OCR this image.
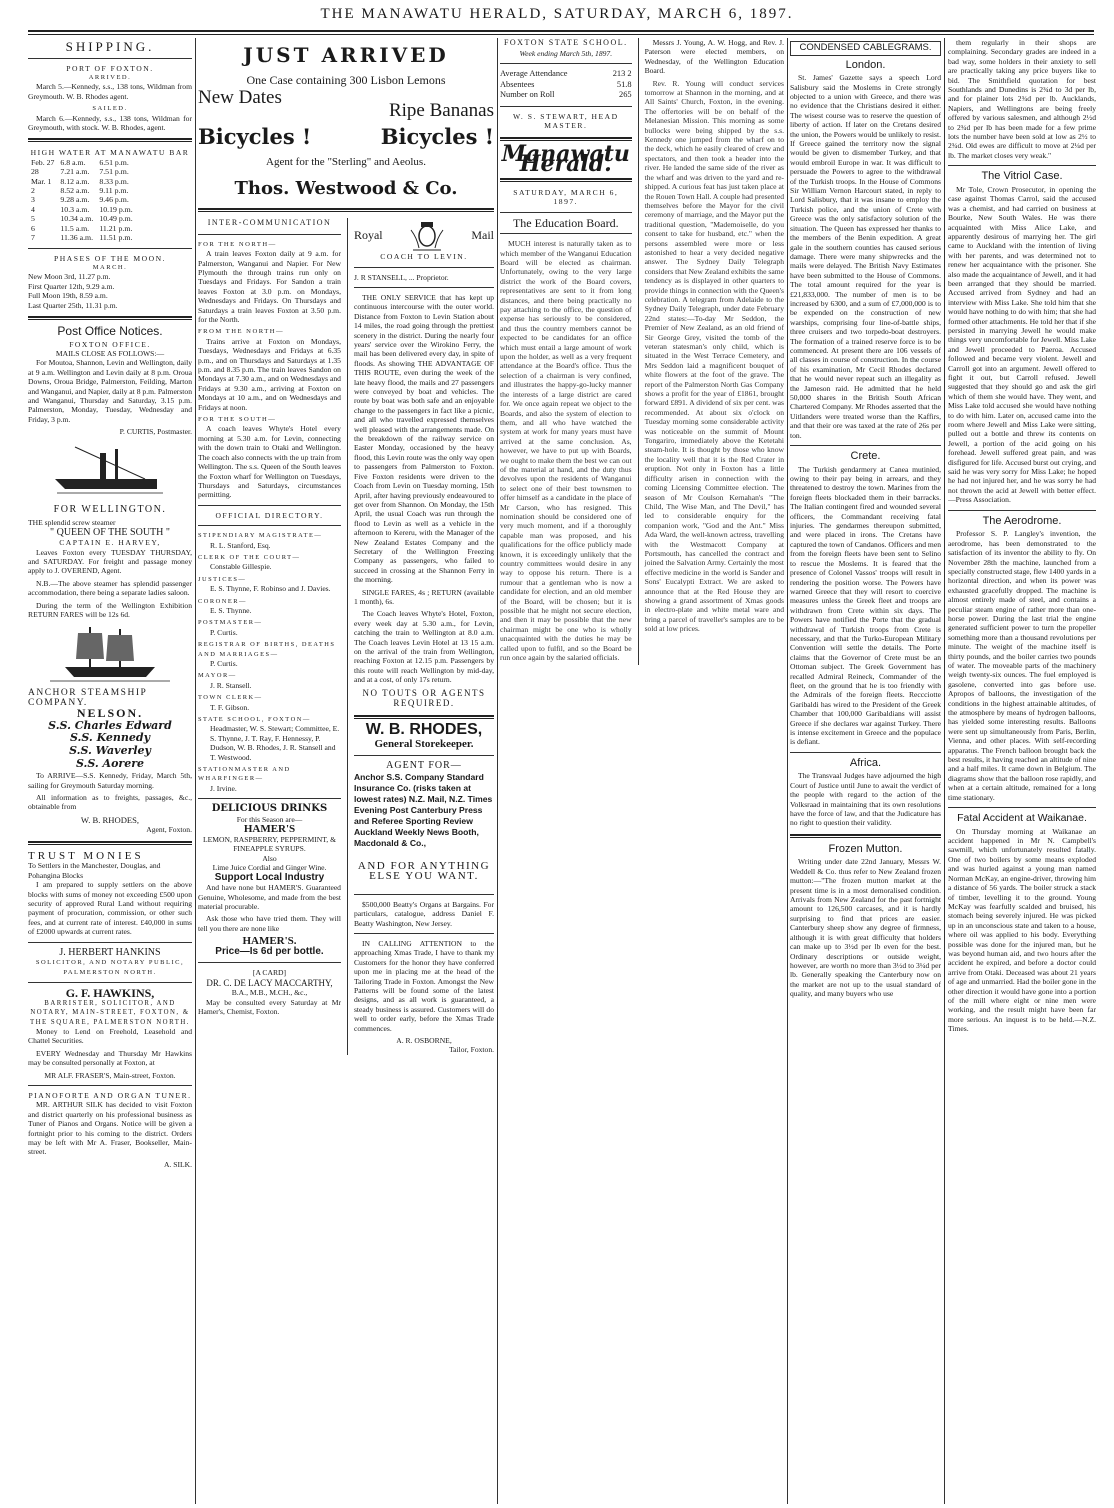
THE MANAWATU HERALD, SATURDAY, MARCH 6, 1897.
SHIPPING.
PORT OF FOXTON.
ARRIVED.

March 5.—Kennedy, s.s., 138 tons, Wildman from Greymouth. W. B. Rhodes agent.

SAILED.

March 6.—Kennedy, s.s., 138 tons, Wildman for Greymouth, with stock. W. B. Rhodes, agent.

HIGH WATER AT MANAWATU BAR
Feb. 27	6.8 a.m.	6.51 p.m.
28	7.21 a.m.	7.51 p.m.
Mar. 1	8.12 a.m.	8.33 p.m.
2	8.52 a.m.	9.11 p.m.
3	9.28 a.m.	9.46 p.m.
4	10.3 a.m.	10.19 p.m.
5	10.34 a.m.	10.49 p.m.
6	11.5 a.m.	11.21 p.m.
7	11.36 a.m.	11.51 p.m.
PHASES OF THE MOON.
MARCH.
New Moon 3rd, 11.27 p.m.
First Quarter 12th, 9.29 a.m.
Full Moon 19th, 8.59 a.m.
Last Quarter 25th, 11.31 p.m.
Post Office Notices.
FOXTON OFFICE.
MAILS CLOSE AS FOLLOWS:—

For Moutoa, Shannon, Levin and Wellington, daily at 9 a.m. Wellington and Levin daily at 8 p.m. Oroua Downs, Oroua Bridge, Palmerston, Feilding, Marton and Wanganui, and Napier, daily at 8 p.m. Palmerston and Wanganui, Thursday and Saturday, 3.15 p.m. Palmerston, Monday, Tuesday, Wednesday and Friday, 3 p.m.

P. CURTIS, Postmaster.
FOR WELLINGTON.
THE splendid screw steamer
" QUEEN OF THE SOUTH "
CAPTAIN E. HARVEY,

Leaves Foxton every TUESDAY THURSDAY, and SATURDAY. For freight and passage money apply to J. OVEREND, Agent.

N.B.—The above steamer has splendid passenger accommodation, there being a separate ladies saloon.

During the term of the Wellington Exhibition RETURN FARES will be 12s 6d.

ANCHOR STEAMSHIP COMPANY.
NELSON.
S.S. Charles Edward
S.S. Kennedy
S.S. Waverley
S.S. Aorere

To ARRIVE—S.S. Kennedy, Friday, March 5th, sailing for Greymouth Saturday morning.

All information as to freights, passages, &c., obtainable from

W. B. RHODES,
Agent, Foxton.
TRUST MONIES
To Settlers in the Manchester, Douglas, and Pohangina Blocks

I am prepared to supply settlers on the above blocks with sums of money not exceeding £500 upon security of approved Rural Land without requiring payment of procuration, commission, or other such fees, and at current rate of interest. £40,000 in sums of £2000 upwards at current rates.

J. HERBERT HANKINS
SOLICITOR, AND NOTARY PUBLIC, PALMERSTON NORTH.
G. F. HAWKINS,
BARRISTER, SOLICITOR, AND NOTARY, MAIN-STREET, FOXTON, & THE SQUARE, PALMERSTON NORTH.

Money to Lend on Freehold, Leasehold and Chattel Securities.

EVERY Wednesday and Thursday Mr Hawkins may be consulted personally at Foxton, at

MR ALF. FRASER'S, Main-street, Foxton.
PIANOFORTE AND ORGAN TUNER.

MR. ARTHUR SILK has decided to visit Foxton and district quarterly on his professional business as Tuner of Pianos and Organs. Notice will be given a fortnight prior to his coming to the district. Orders may be left with Mr A. Fraser, Bookseller, Main-street.

A. SILK.
JUST ARRIVED
One Case containing 300 Lisbon Lemons
New Dates
Ripe Bananas
Bicycles !	Bicycles !
Agent for the "Sterling" and Aeolus.
Thos. Westwood & Co.
INTER-COMMUNICATION
FOR THE NORTH—

A train leaves Foxton daily at 9 a.m. for Palmerston, Wanganui and Napier. For New Plymouth the through trains run only on Tuesdays and Fridays. For Sandon a train leaves Foxton at 3.0 p.m. on Mondays, Wednesdays and Fridays. On Thursdays and Saturdays a train leaves Foxton at 3.50 p.m. for the North.

FROM THE NORTH—

Trains arrive at Foxton on Mondays, Tuesdays, Wednesdays and Fridays at 6.35 p.m., and on Thursdays and Saturdays at 1.35 p.m. and 8.35 p.m. The train leaves Sandon on Mondays at 7.30 a.m., and on Wednesdays and Fridays at 9.30 a.m., arriving at Foxton on Mondays at 10 a.m., and on Wednesdays and Fridays at noon.

FOR THE SOUTH—

A coach leaves Whyte's Hotel every morning at 5.30 a.m. for Levin, connecting with the down train to Otaki and Wellington. The coach also connects with the up train from Wellington. The s.s. Queen of the South leaves the Foxton wharf for Wellington on Tuesdays, Thursdays and Saturdays, circumstances permitting.

OFFICIAL DIRECTORY.
STIPENDIARY MAGISTRATE—
R. L. Stanford, Esq.
CLERK OF THE COURT—
Constable Gillespie.
JUSTICES—
E. S. Thynne, F. Robinso and J. Davies.
CORONER—
E. S. Thynne.
POSTMASTER—
P. Curtis.
REGISTRAR OF BIRTHS, DEATHS AND MARRIAGES—
P. Curtis.
MAYOR—
J. R. Stansell.
TOWN CLERK—
T. F. Gibson.
STATE SCHOOL, FOXTON—
Headmaster, W. S. Stewart; Committee, E. S. Thynne, J. T. Ray, F. Hennessy, P. Dudson, W. B. Rhodes, J. R. Stansell and T. Westwood.
STATIONMASTER AND WHARFINGER—
J. Irvine.
DELICIOUS DRINKS
For this Season are—
HAMER'S
LEMON, RASPBERRY, PEPPERMINT, & FINEAPPLE SYRUPS.
Also
Lime Juice Cordial and Ginger Wine.
Support Local Industry

And have none but HAMER'S. Guaranteed Genuine, Wholesome, and made from the best material procurable.

Ask those who have tried them. They will tell you there are none like

HAMER'S.
Price—Is 6d per bottle.
[A CARD]
DR. C. DE LACY MACCARTHY,
B.A., M.B., M.CH., &c.,

May be consulted every Saturday at Mr Hamer's, Chemist, Foxton.

Royal	Mail
COACH TO LEVIN.
J. R STANSELL, ... Proprietor.

THE ONLY SERVICE that has kept up continuous intercourse with the outer world. Distance from Foxton to Levin Station about 14 miles, the road going through the prettiest scenery in the district. During the nearly four years' service over the Wirokino Ferry, the mail has been delivered every day, in spite of floods. As showing THE ADVANTAGE OF THIS ROUTE, even during the week of the late heavy flood, the mails and 27 passengers were conveyed by boat and vehicles. The route by boat was both safe and an enjoyable change to the passengers in fact like a picnic, and all who travelled expressed themselves well pleased with the arrangements made. On the breakdown of the railway service on Easter Monday, occasioned by the heavy flood, this Levin route was the only way open to passengers from Palmerston to Foxton. Five Foxton residents were driven to the Coach from Levin on Tuesday morning, 15th April, after having previously endeavoured to get over from Shannon. On Monday, the 15th April, the usual Coach was run through the flood to Levin as well as a vehicle in the afternoon to Kereru, with the Manager of the New Zealand Estates Company and the Secretary of the Wellington Freezing Company as passengers, who failed to succeed in crossing at the Shannon Ferry in the morning.

SINGLE FARES, 4s ; RETURN (available 1 month), 6s.

The Coach leaves Whyte's Hotel, Foxton, every week day at 5.30 a.m., for Levin, catching the train to Wellington at 8.0 a.m. The Coach leaves Levin Hotel at 13 15 a.m. on the arrival of the train from Wellington, reaching Foxton at 12.15 p.m. Passengers by this route will reach Wellington by mid-day, and at a cost, of only 17s return.

NO TOUTS OR AGENTS REQUIRED.
W. B. RHODES,
General Storekeeper.
AGENT FOR—
Anchor S.S. Company Standard Insurance Co. (risks taken at lowest rates) N.Z. Mail, N.Z. Times Evening Post Canterbury Press and Referee Sporting Review Auckland Weekly News Booth, Macdonald & Co.,
AND FOR ANYTHING ELSE YOU WANT.

$500,000 Beatty's Organs at Bargains. For particulars, catalogue, address Daniel F. Beatty Washington, New Jersey.

IN CALLING ATTENTION to the approaching Xmas Trade, I have to thank my Customers for the honor they have conferred upon me in placing me at the head of the Tailoring Trade in Foxton. Amongst the New Patterns will be found some of the latest designs, and as all work is guaranteed, a steady business is assured. Customers will do well to order early, before the Xmas Trade commences.

A. R. OSBORNE,
Tailor, Foxton.
FOXTON STATE SCHOOL.
Week ending March 5th, 1897.
Average Attendance	213 2
Absentees	51.8
Number on Roll	265
W. S. STEWART, HEAD MASTER.
Manawatu Herald.
SATURDAY, MARCH 6, 1897.
The Education Board.

MUCH interest is naturally taken as to which member of the Wanganui Education Board will be elected as chairman. Unfortunately, owing to the very large district the work of the Board covers, representatives are sent to it from long distances, and there being practically no pay attaching to the office, the question of expense has seriously to be considered, and thus the country members cannot be expected to be candidates for an office which must entail a large amount of work upon the holder, as well as a very frequent attendance at the Board's office. Thus the selection of a chairman is very confined, and illustrates the happy-go-lucky manner the interests of a large district are cared for. We once again repeat we object to the Boards, and also the system of election to them, and all who have watched the system at work for many years must have arrived at the same conclusion. As, however, we have to put up with Boards, we ought to make them the best we can out of the material at hand, and the duty thus devolves upon the residents of Wanganui to select one of their best townsmen to offer himself as a candidate in the place of Mr Carson, who has resigned. This nomination should be considered one of very much moment, and if a thoroughly capable man was proposed, and his qualifications for the office publicly made known, it is exceedingly unlikely that the country committees would desire in any way to oppose his return. There is a rumour that a gentleman who is now a candidate for election, and an old member of the Board, will be chosen; but it is possible that he might not secure election, and then it may be possible that the new chairman might be one who is wholly unacquainted with the duties he may be called upon to fulfil, and so the Board be run once again by the salaried officials.

Messrs J. Young, A. W. Hogg, and Rev. J. Paterson were elected members, on Wednesday, of the Wellington Education Board.

Rev. R. Young will conduct services tomorrow at Shannon in the morning, and at All Saints' Church, Foxton, in the evening. The offertories will be on behalf of the Melanesian Mission. This morning as some bullocks were being shipped by the s.s. Kennedy one jumped from the wharf on to the deck, which he easily cleared of crew and spectators, and then took a header into the river. He landed the same side of the river as the wharf and was driven to the yard and re-shipped. A curious feat has just taken place at the Rouen Town Hall. A couple had presented themselves before the Mayor for the civil ceremony of marriage, and the Mayor put the traditional question, "Mademoiselle, do you consent to take for husband, etc." when the persons assembled were more or less astonished to hear a very decided negative answer. The Sydney Daily Telegraph considers that New Zealand exhibits the same tendency as is displayed in other quarters to provide things in connection with the Queen's celebration. A telegram from Adelaide to the Sydney Daily Telegraph, under date February 22nd states:—To-day Mr Seddon, the Premier of New Zealand, as an old friend of Sir George Grey, visited the tomb of the veteran statesman's only child, which is situated in the West Terrace Cemetery, and Mrs Seddon laid a magnificent bouquet of white flowers at the foot of the grave. The report of the Palmerston North Gas Company shows a profit for the year of £1861, brought forward £891. A dividend of six per cent. was recommended. At about six o'clock on Tuesday morning some considerable activity was noticeable on the summit of Mount Tongariro, immediately above the Ketetahi steam-hole. It is thought by those who know the locality well that it is the Red Crater in eruption. Not only in Foxton has a little difficulty arisen in connection with the coming Licensing Committee election. The season of Mr Coulson Kernahan's "The Child, The Wise Man, and The Devil," has led to considerable enquiry for the companion work, "God and the Ant." Miss Ada Ward, the well-known actress, travelling with the Westmacott Company at Portsmouth, has cancelled the contract and joined the Salvation Army. Certainly the most effective medicine in the world is Sander and Sons' Eucalypti Extract. We are asked to announce that at the Red House they are showing a grand assortment of Xmas goods in electro-plate and white metal ware and bring a parcel of traveller's samples are to be sold at low prices.

CONDENSED CABLEGRAMS.
London.

St. James' Gazette says a speech Lord Salisbury said the Moslems in Crete strongly objected to a union with Greece, and there was no evidence that the Christians desired it either. The wisest course was to reserve the question of liberty of action. If later on the Cretans desired the union, the Powers would be unlikely to resist. If Greece gained the territory now the signal would be given to dismember Turkey, and that would embroil Europe in war. It was difficult to persuade the Powers to agree to the withdrawal of the Turkish troops. In the House of Commons Sir William Vernon Harcourt stated, in reply to Lord Salisbury, that it was insane to employ the Turkish police, and the union of Crete with Greece was the only satisfactory solution of the situation. The Queen has expressed her thanks to the members of the Benin expedition. A great gale in the southern counties has caused serious damage. There were many shipwrecks and the mails were delayed. The British Navy Estimates have been submitted to the House of Commons. The total amount required for the year is £21,833,000. The number of men is to be increased by 6300, and a sum of £7,000,000 is to be expended on the construction of new warships, comprising four line-of-battle ships, three cruisers and two torpedo-boat destroyers. The formation of a trained reserve force is to be commenced. At present there are 106 vessels of all classes in course of construction. In the course of his examination, Mr Cecil Rhodes declared that he would never repeat such an illegality as the Jameson raid. He admitted that he held 50,000 shares in the British South African Chartered Company. Mr Rhodes asserted that the Uitlanders were treated worse than the Kaffirs, and that their ore was taxed at the rate of 26s per ton.

Crete.

The Turkish gendarmery at Canea mutinied, owing to their pay being in arrears, and they threatened to destroy the town. Marines from the foreign fleets blockaded them in their barracks. The Italian contingent fired and wounded several officers, the Commandant receiving fatal injuries. The gendarmes thereupon submitted, and were placed in irons. The Cretans have captured the town of Candanos. Officers and men from the foreign fleets have been sent to Selino to rescue the Moslems. It is feared that the presence of Colonel Vassos' troops will result in rendering the position worse. The Powers have warned Greece that they will resort to coercive measures unless the Greek fleet and troops are withdrawn from Crete within six days. The Powers have notified the Porte that the gradual withdrawal of Turkish troops from Crete is necessary, and that the Turko-European Military Convention will settle the details. The Porte claims that the Governor of Crete must be an Ottoman subject. The Greek Government has recalled Admiral Reineck, Commander of the fleet, on the ground that he is too friendly with the Admirals of the foreign fleets. Reccciotte Garibaldi has wired to the President of the Greek Chamber that 100,000 Garibaldians will assist Greece if she declares war against Turkey. There is intense excitement in Greece and the populace is defiant.

Africa.

The Transvaal Judges have adjourned the high Court of Justice until June to await the verdict of the people with regard to the action of the Volksraad in maintaining that its own resolutions have the force of law, and that the Judicature has no right to question their validity.

Frozen Mutton.

Writing under date 22nd January, Messrs W. Weddell & Co. thus refer to New Zealand frozen mutton:—"The frozen mutton market at the present time is in a most demoralised condition. Arrivals from New Zealand for the past fortnight amount to 126,500 carcases, and it is hardly surprising to find that prices are easier. Canterbury sheep show any degree of firmness, although it is with great difficulty that holders can make up to 3½d per lb even for the best. Ordinary descriptions or outside weight, however, are worth no more than 3½d to 3¼d per lb. Generally speaking the Canterbury now on the market are not up to the usual standard of quality, and many buyers who use

them regularly in their shops are complaining. Secondary grades are indeed in a bad way, some holders in their anxiety to sell are practically taking any price buyers like to bid. The Smithfield quotation for best Southlands and Dunedins is 2¾d to 3d per lb, and for plainer lots 2¾d per lb. Aucklands, Napiers, and Wellingtons are being freely offered by various salesmen, and although 2½d to 2¾d per lb has been made for a few prime lots the number have been sold at low as 2½ to 2¾d. Old ewes are difficult to move at 2¼d per lb. The market closes very weak."

The Vitriol Case.

Mr Tole, Crown Prosecutor, in opening the case against Thomas Carrol, said the accused was a chemist, and had carried on business at Bourke, New South Wales. He was there acquainted with Miss Alice Lake, and apparently desirous of marrying her. The girl came to Auckland with the intention of living with her parents, and was determined not to renew her acquaintance with the prisoner. She also made the acquaintance of Jewell, and it had been arranged that they should be married. Accused arrived from Sydney and had an interview with Miss Lake. She told him that she would have nothing to do with him; that she had formed other attachments. He told her that if she persisted in marrying Jewell he would make things very uncomfortable for Jewell. Miss Lake and Jewell proceeded to Paeroa. Accused followed and became very violent. Jewell and Carroll got into an argument. Jewell offered to fight it out, but Carroll refused. Jewell suggested that they should go and ask the girl which of them she would have. They went, and Miss Lake told accused she would have nothing to do with him. Later on, accused came into the room where Jewell and Miss Lake were sitting, pulled out a bottle and threw its contents on Jewell, a portion of the acid going on his forehead. Jewell suffered great pain, and was disfigured for life. Accused burst out crying, and said he was very sorry for Miss Lake; he hoped he had not injured her, and he was sorry he had not thrown the acid at Jewell with better effect.—Press Association.

The Aerodrome.

Professor S. P. Langley's invention, the aerodrome, has been demonstrated to the satisfaction of its inventor the ability to fly. On November 28th the machine, launched from a specially constructed stage, flew 1400 yards in a horizontal direction, and when its power was exhausted gracefully dropped. The machine is almost entirely made of steel, and contains a peculiar steam engine of rather more than one-horse power. During the last trial the engine generated sufficient power to turn the propeller something more than a thousand revolutions per minute. The weight of the machine itself is thirty pounds, and the boiler carries two pounds of water. The moveable parts of the machinery weigh twenty-six ounces. The fuel employed is gasolene, converted into gas before use. Apropos of balloons, the investigation of the conditions in the highest attainable altitudes, of the atmosphere by means of hydrogen balloons, has yielded some interesting results. Balloons were sent up simultaneously from Paris, Berlin, Vienna, and other places. With self-recording apparatus. The French balloon brought back the best results, it having reached an altitude of nine and a half miles. It came down in Belgium. The diagrams show that the balloon rose rapidly, and when at a certain altitude, remained for a long time stationary.

Fatal Accident at Waikanae.

On Thursday morning at Waikanae an accident happened in Mr N. Campbell's sawmill, which unfortunately resulted fatally. One of two boilers by some means exploded and was hurled against a young man named Norman McKay, an engine-driver, throwing him a distance of 56 yards. The boiler struck a stack of timber, levelling it to the ground. Young McKay was fearfully scalded and bruised, his stomach being severely injured. He was picked up in an unconscious state and taken to a house, where oil was applied to his body. Everything possible was done for the injured man, but he was beyond human aid, and two hours after the accident he expired, and before a doctor could arrive from Otaki. Deceased was about 21 years of age and unmarried. Had the boiler gone in the other direction it would have gone into a portion of the mill where eight or nine men were working, and the result might have been far more serious. An inquest is to be held.—N.Z. Times.
